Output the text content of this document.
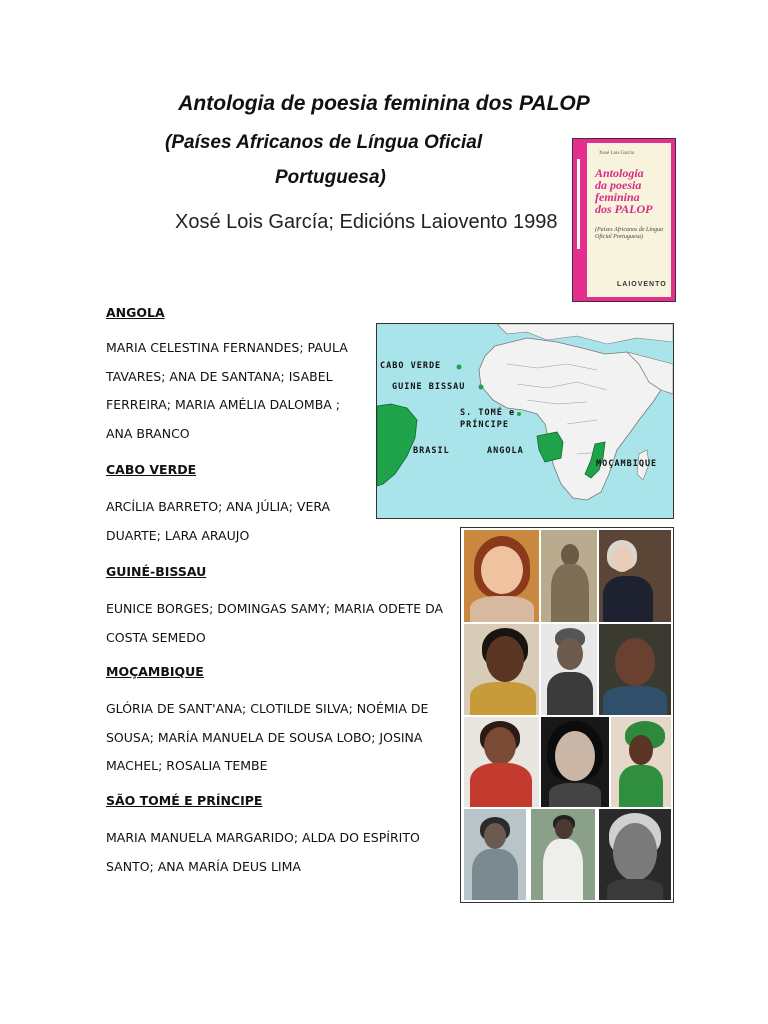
Antologia de poesia feminina dos PALOP
(Países Africanos de Língua Oficial
Portuguesa)
Xosé Lois García; Edicións Laiovento 1998
Xosé Lois García
Antologia
da poesia
feminina
dos PALOP
(Países Africanos de Língua Oficial Portuguesa)
LAIOVENTO
ANGOLA
MARIA CELESTINA FERNANDES; PAULA
TAVARES; ANA DE SANTANA; ISABEL
FERREIRA; MARIA AMÉLIA DALOMBA ;
ANA BRANCO
CABO VERDE
ARCÍLIA BARRETO; ANA JÚLIA; VERA
DUARTE; LARA ARAUJO
GUINÉ-BISSAU
EUNICE BORGES; DOMINGAS SAMY; MARIA ODETE DA
COSTA SEMEDO
MOÇAMBIQUE
GLÓRIA DE SANT'ANA; CLOTILDE SILVA; NOÉMIA DE
SOUSA; MARÍA MANUELA DE SOUSA LOBO; JOSINA
MACHEL; ROSALIA TEMBE
SÃO TOMÉ E PRÍNCIPE
MARIA MANUELA MARGARIDO; ALDA DO ESPÍRITO
SANTO; ANA MARÍA DEUS LIMA
CABO VERDE
GUINE BISSAU
S. TOMÉ e
PRÍNCIPE
BRASIL	ANGOLA
MOÇAMBIQUE
